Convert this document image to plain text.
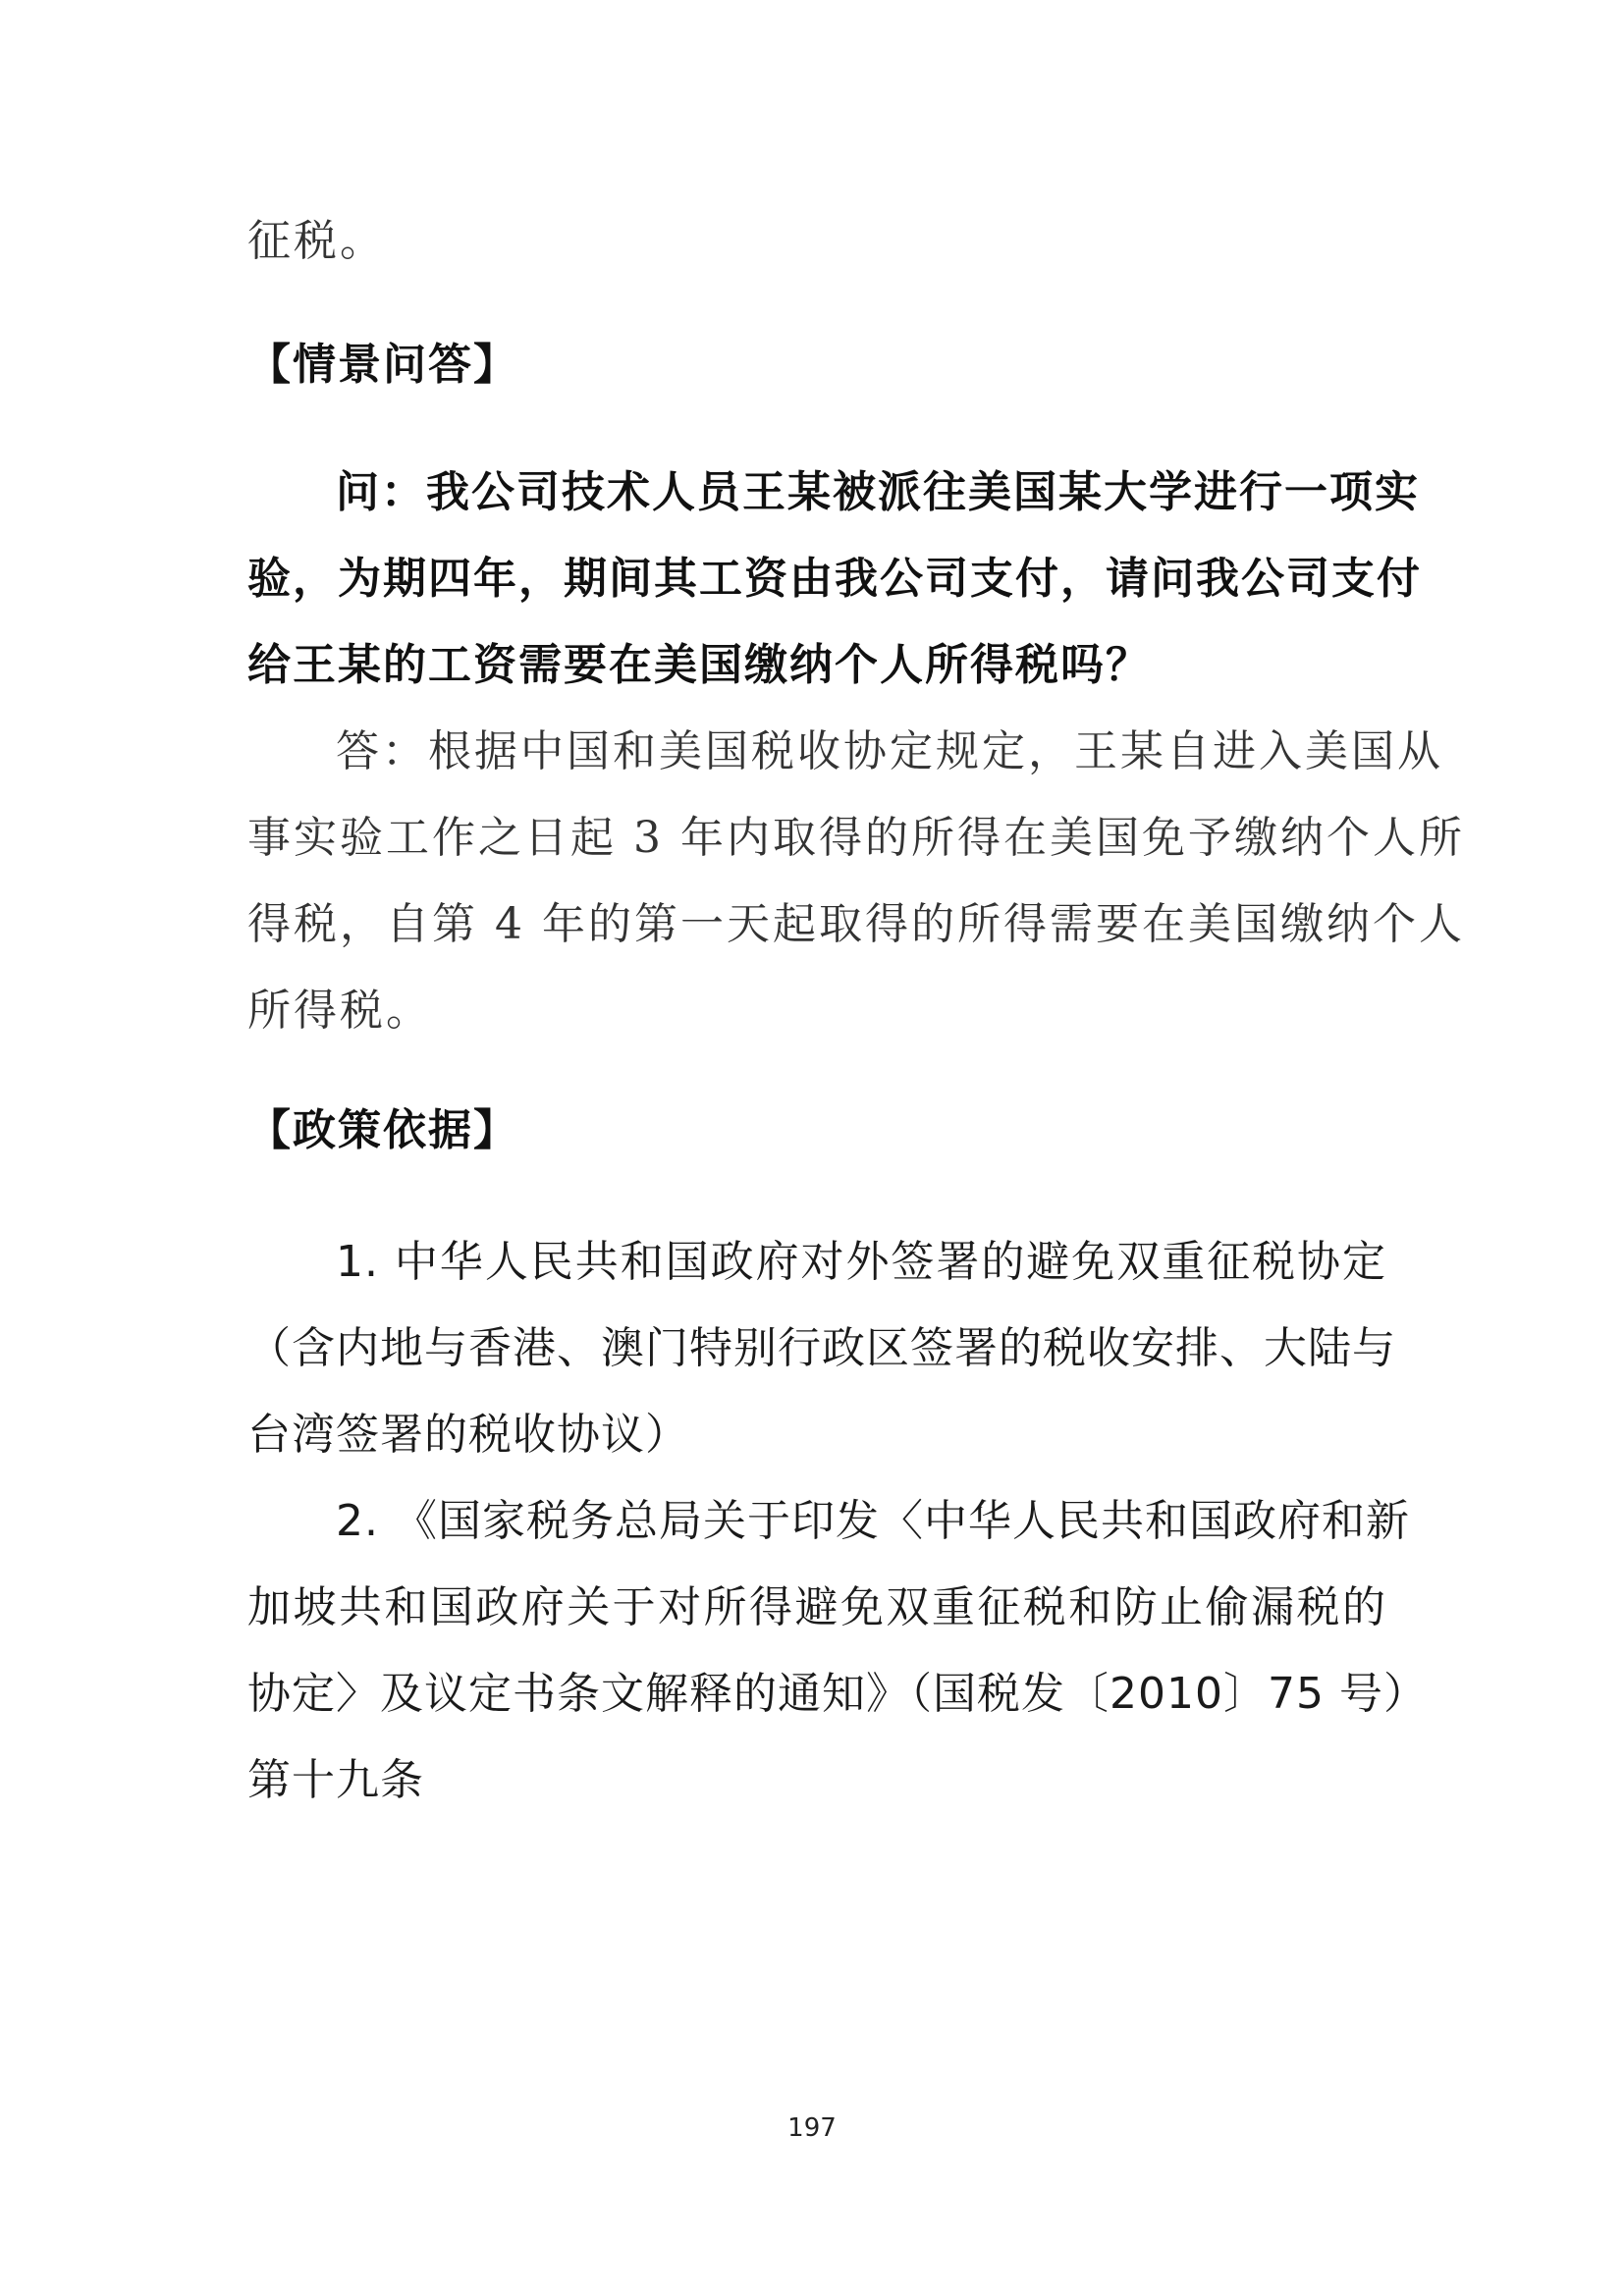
征税。
【情景问答】
问：我公司技术人员王某被派往美国某大学进行一项实
验，为期四年，期间其工资由我公司支付，请问我公司支付
给王某的工资需要在美国缴纳个人所得税吗？
答：根据中国和美国税收协定规定，王某自进入美国从
事实验工作之日起 3 年内取得的所得在美国免予缴纳个人所
得税，自第 4 年的第一天起取得的所得需要在美国缴纳个人
所得税。
【政策依据】
1. 中华人民共和国政府对外签署的避免双重征税协定
（含内地与香港、澳门特别行政区签署的税收安排、大陆与
台湾签署的税收协议）
2. 《国家税务总局关于印发〈中华人民共和国政府和新
加坡共和国政府关于对所得避免双重征税和防止偷漏税的
协定〉及议定书条文解释的通知》（国税发〔2010〕75 号）
第十九条
197
